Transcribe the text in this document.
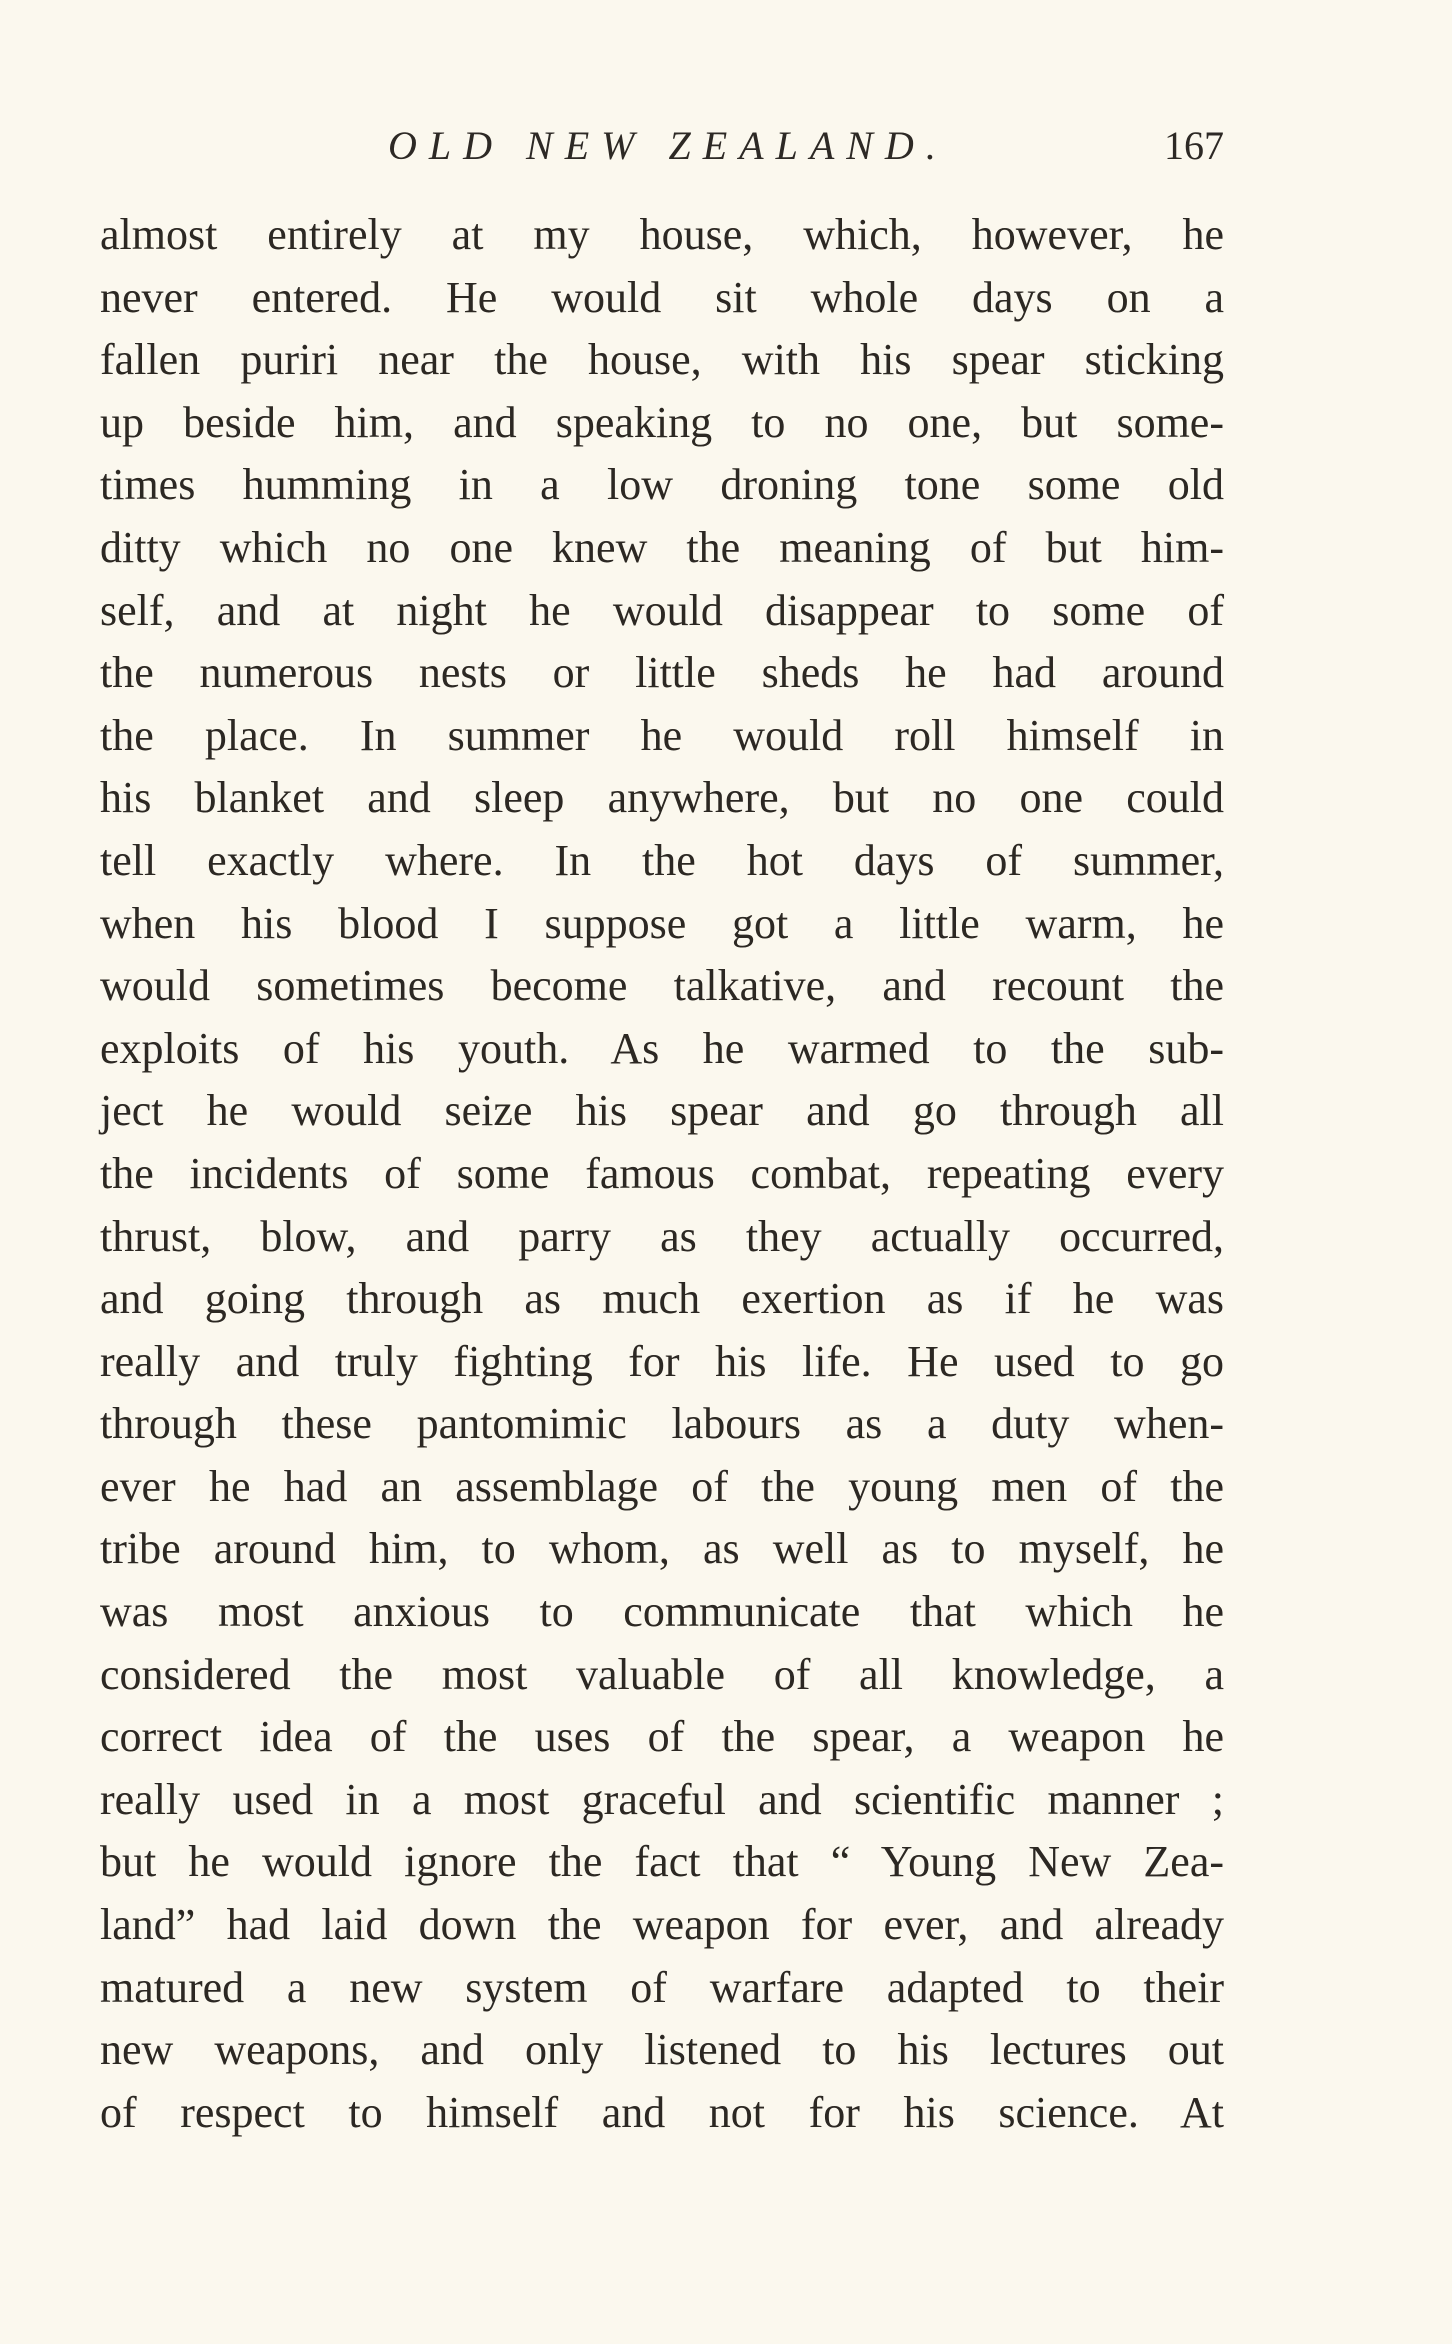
OLD NEW ZEALAND.	167
almost entirely at my house, which, however, he
never entered. He would sit whole days on a
fallen puriri near the house, with his spear sticking
up beside him, and speaking to no one, but some-
times humming in a low droning tone some old
ditty which no one knew the meaning of but him-
self, and at night he would disappear to some of
the numerous nests or little sheds he had around
the place. In summer he would roll himself in
his blanket and sleep anywhere, but no one could
tell exactly where. In the hot days of summer,
when his blood I suppose got a little warm, he
would sometimes become talkative, and recount the
exploits of his youth. As he warmed to the sub-
ject he would seize his spear and go through all
the incidents of some famous combat, repeating every
thrust, blow, and parry as they actually occurred,
and going through as much exertion as if he was
really and truly fighting for his life. He used to go
through these pantomimic labours as a duty when-
ever he had an assemblage of the young men of the
tribe around him, to whom, as well as to myself, he
was most anxious to communicate that which he
considered the most valuable of all knowledge, a
correct idea of the uses of the spear, a weapon he
really used in a most graceful and scientific manner ;
but he would ignore the fact that “ Young New Zea-
land” had laid down the weapon for ever, and already
matured a new system of warfare adapted to their
new weapons, and only listened to his lectures out
of respect to himself and not for his science. At
